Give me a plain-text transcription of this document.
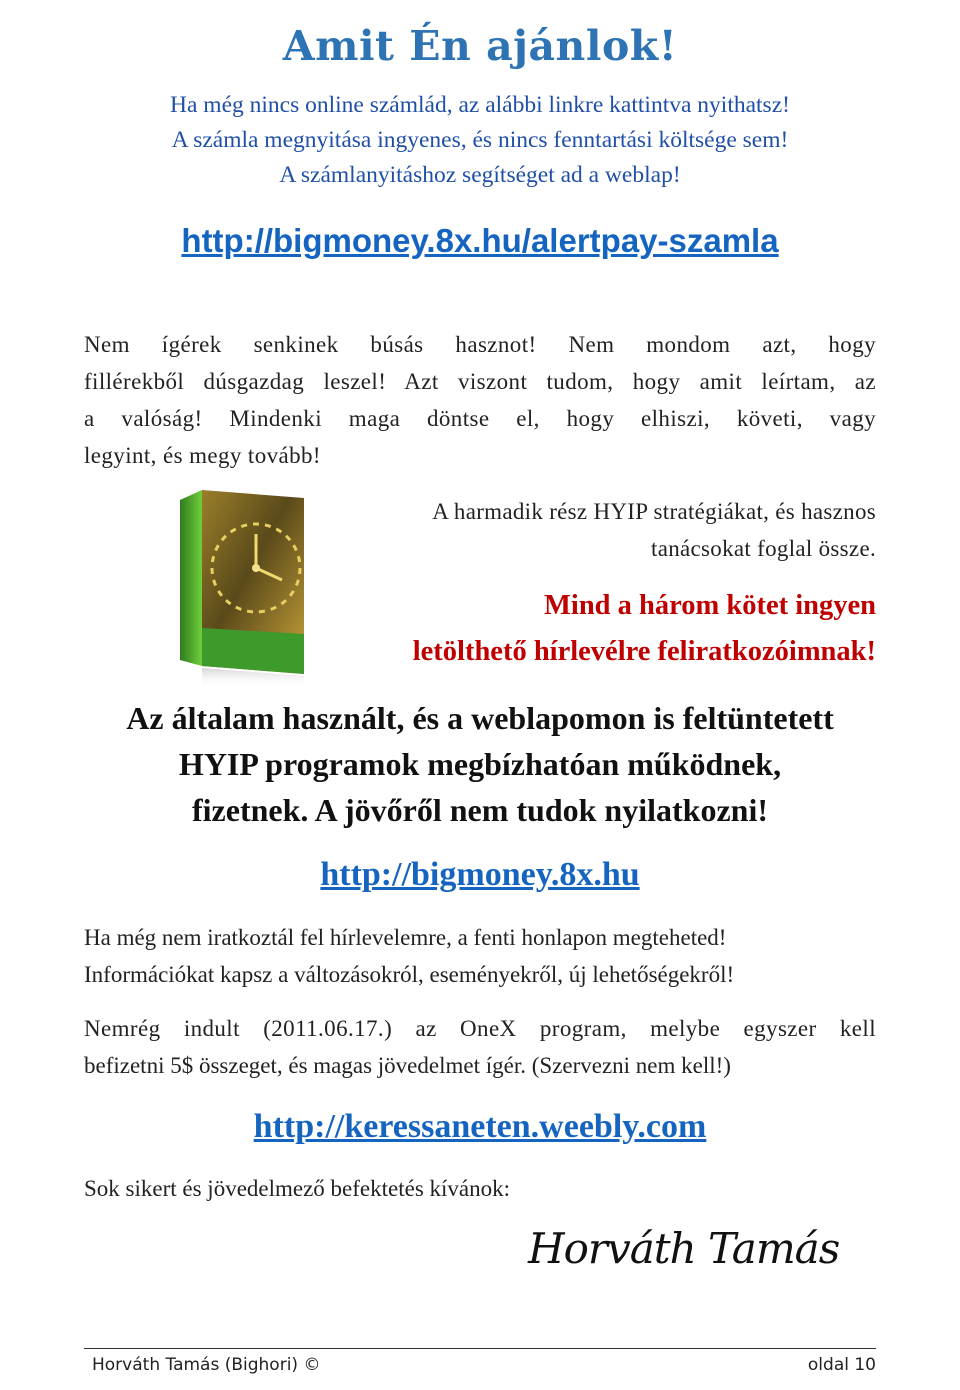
Amit Én ajánlok!
Ha még nincs online számlád, az alábbi linkre kattintva nyithatsz!
A számla megnyitása ingyenes, és nincs fenntartási költsége sem!
A számlanyitáshoz segítséget ad a weblap!
http://bigmoney.8x.hu/alertpay-szamla
Nem ígérek senkinek búsás hasznot! Nem mondom azt, hogy
fillérekből dúsgazdag leszel! Azt viszont tudom, hogy amit leírtam, az
a valóság! Mindenki maga döntse el, hogy elhiszi, követi, vagy
legyint, és megy tovább!
A harmadik rész HYIP stratégiákat, és hasznos
tanácsokat foglal össze.
Mind a három kötet ingyen
letölthető hírlevélre feliratkozóimnak!
Az általam használt, és a weblapomon is feltüntetett
HYIP programok megbízhatóan működnek,
fizetnek. A jövőről nem tudok nyilatkozni!
http://bigmoney.8x.hu
Ha még nem iratkoztál fel hírlevelemre, a fenti honlapon megteheted!
Információkat kapsz a változásokról, eseményekről, új lehetőségekről!
Nemrég indult (2011.06.17.) az OneX program, melybe egyszer kell
befizetni 5$ összeget, és magas jövedelmet ígér. (Szervezni nem kell!)
http://keressaneten.weebly.com
Sok sikert és jövedelmező befektetés kívánok:
Horváth Tamás
Horváth Tamás (Bighori) ©	oldal 10
